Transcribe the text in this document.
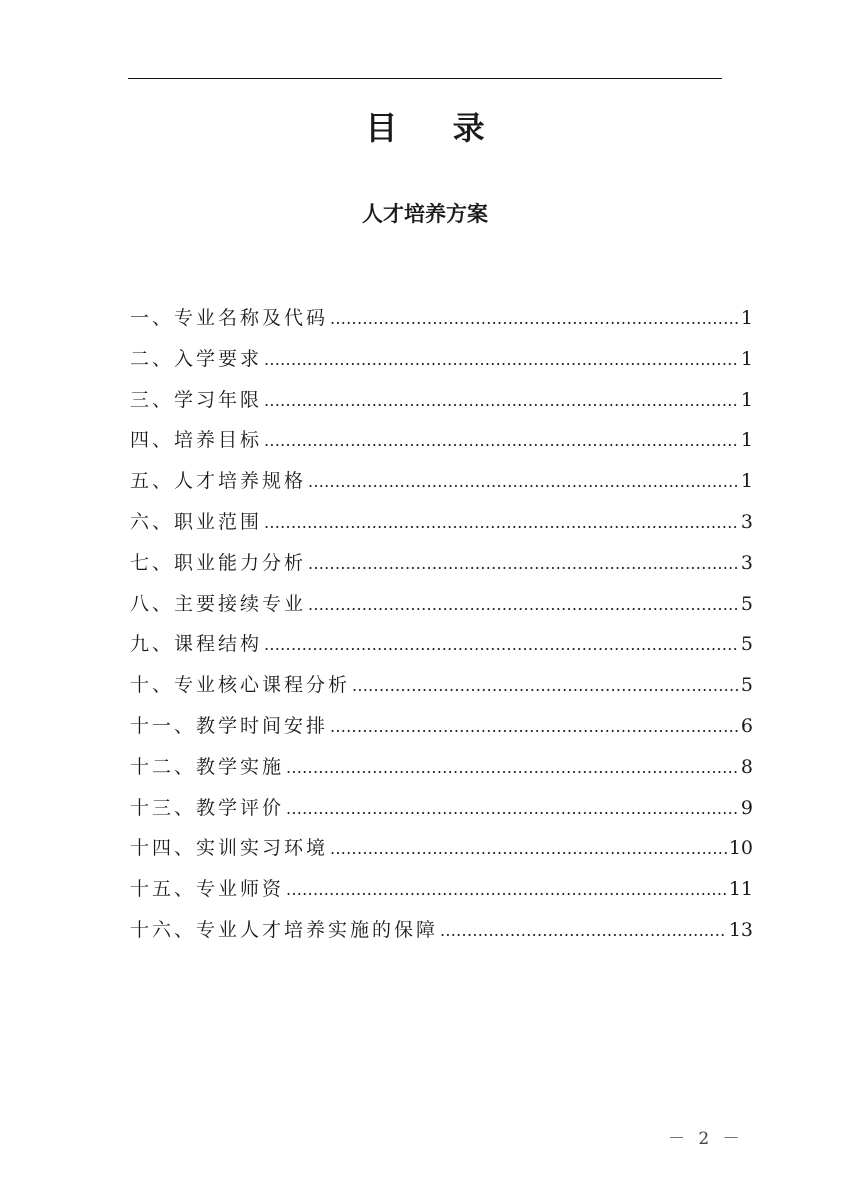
目 录
人才培养方案
一、专业名称及代码 .....	1
二、入学要求 .....	1
三、学习年限 .....	1
四、培养目标 .....	1
五、人才培养规格 .....	1
六、职业范围 .....	3
七、职业能力分析 .....	3
八、主要接续专业 .....	5
九、课程结构 .....	5
十、专业核心课程分析 .....	5
十一、教学时间安排 .....	6
十二、教学实施 .....	8
十三、教学评价 .....	9
十四、实训实习环境 .....	10
十五、专业师资 .....	11
十六、专业人才培养实施的保障 .....	13
－ 2 －
